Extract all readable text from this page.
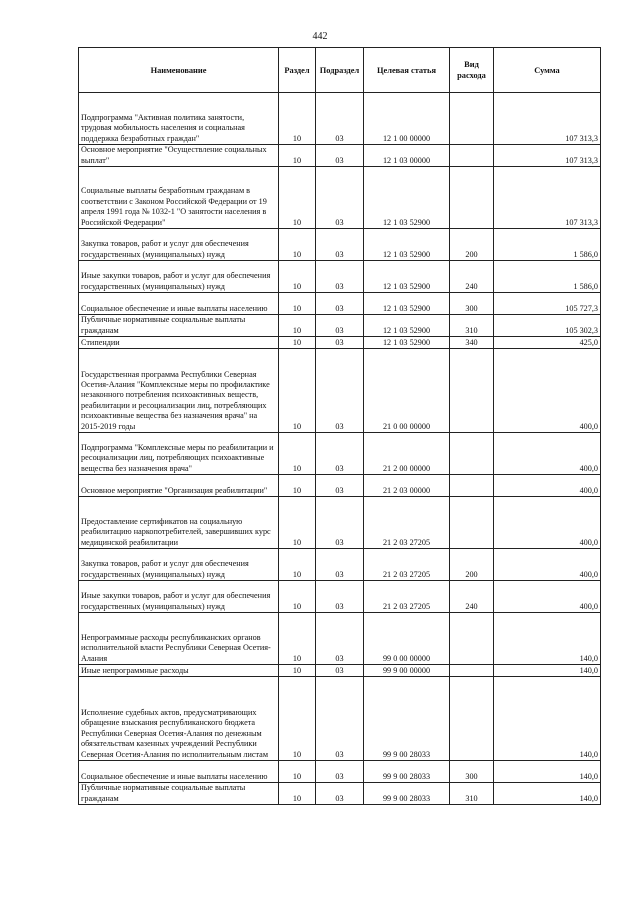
442
Наименование	Раздел	Подраздел	Целевая статья	Вид расхода	Сумма
Подпрограмма "Активная политика занятости, трудовая мобильность населения и социальная поддержка безработных граждан"	10	03	12 1 00 00000		107 313,3
Основное мероприятие "Осуществление социальных выплат"	10	03	12 1 03 00000		107 313,3
Социальные выплаты безработным гражданам в соответствии с Законом Российской Федерации от 19 апреля 1991 года № 1032-1 "О занятости населения в Российской Федерации"	10	03	12 1 03 52900		107 313,3
Закупка товаров, работ и услуг для обеспечения государственных (муниципальных) нужд	10	03	12 1 03 52900	200	1 586,0
Иные закупки товаров, работ и услуг для обеспечения государственных (муниципальных) нужд	10	03	12 1 03 52900	240	1 586,0
Социальное обеспечение и иные выплаты населению	10	03	12 1 03 52900	300	105 727,3
Публичные нормативные социальные выплаты гражданам	10	03	12 1 03 52900	310	105 302,3
Стипендии	10	03	12 1 03 52900	340	425,0
Государственная программа Республики Северная Осетия-Алания "Комплексные меры по профилактике незаконного потребления психоактивных веществ, реабилитации и ресоциализации лиц, потребляющих психоактивные вещества без назначения врача" на 2015-2019 годы	10	03	21 0 00 00000		400,0
Подпрограмма "Комплексные меры по реабилитации и ресоциализации лиц, потребляющих психоактивные вещества без назначения врача"	10	03	21 2 00 00000		400,0
Основное мероприятие "Организация реабилитации"	10	03	21 2 03 00000		400,0
Предоставление сертификатов на социальную реабилитацию наркопотребителей, завершивших курс медицинской реабилитации	10	03	21 2 03 27205		400,0
Закупка товаров, работ и услуг для обеспечения государственных (муниципальных) нужд	10	03	21 2 03 27205	200	400,0
Иные закупки товаров, работ и услуг для обеспечения государственных (муниципальных) нужд	10	03	21 2 03 27205	240	400,0
Непрограммные расходы республиканских органов исполнительной власти Республики Северная Осетия-Алания	10	03	99 0 00 00000		140,0
Иные непрограммные расходы	10	03	99 9 00 00000		140,0
Исполнение судебных актов, предусматривающих обращение взыскания республиканского бюджета Республики Северная Осетия-Алания по денежным обязательствам казенных учреждений Республики Северная Осетия-Алания по исполнительным листам	10	03	99 9 00 28033		140,0
Социальное обеспечение и иные выплаты населению	10	03	99 9 00 28033	300	140,0
Публичные нормативные социальные выплаты гражданам	10	03	99 9 00 28033	310	140,0
